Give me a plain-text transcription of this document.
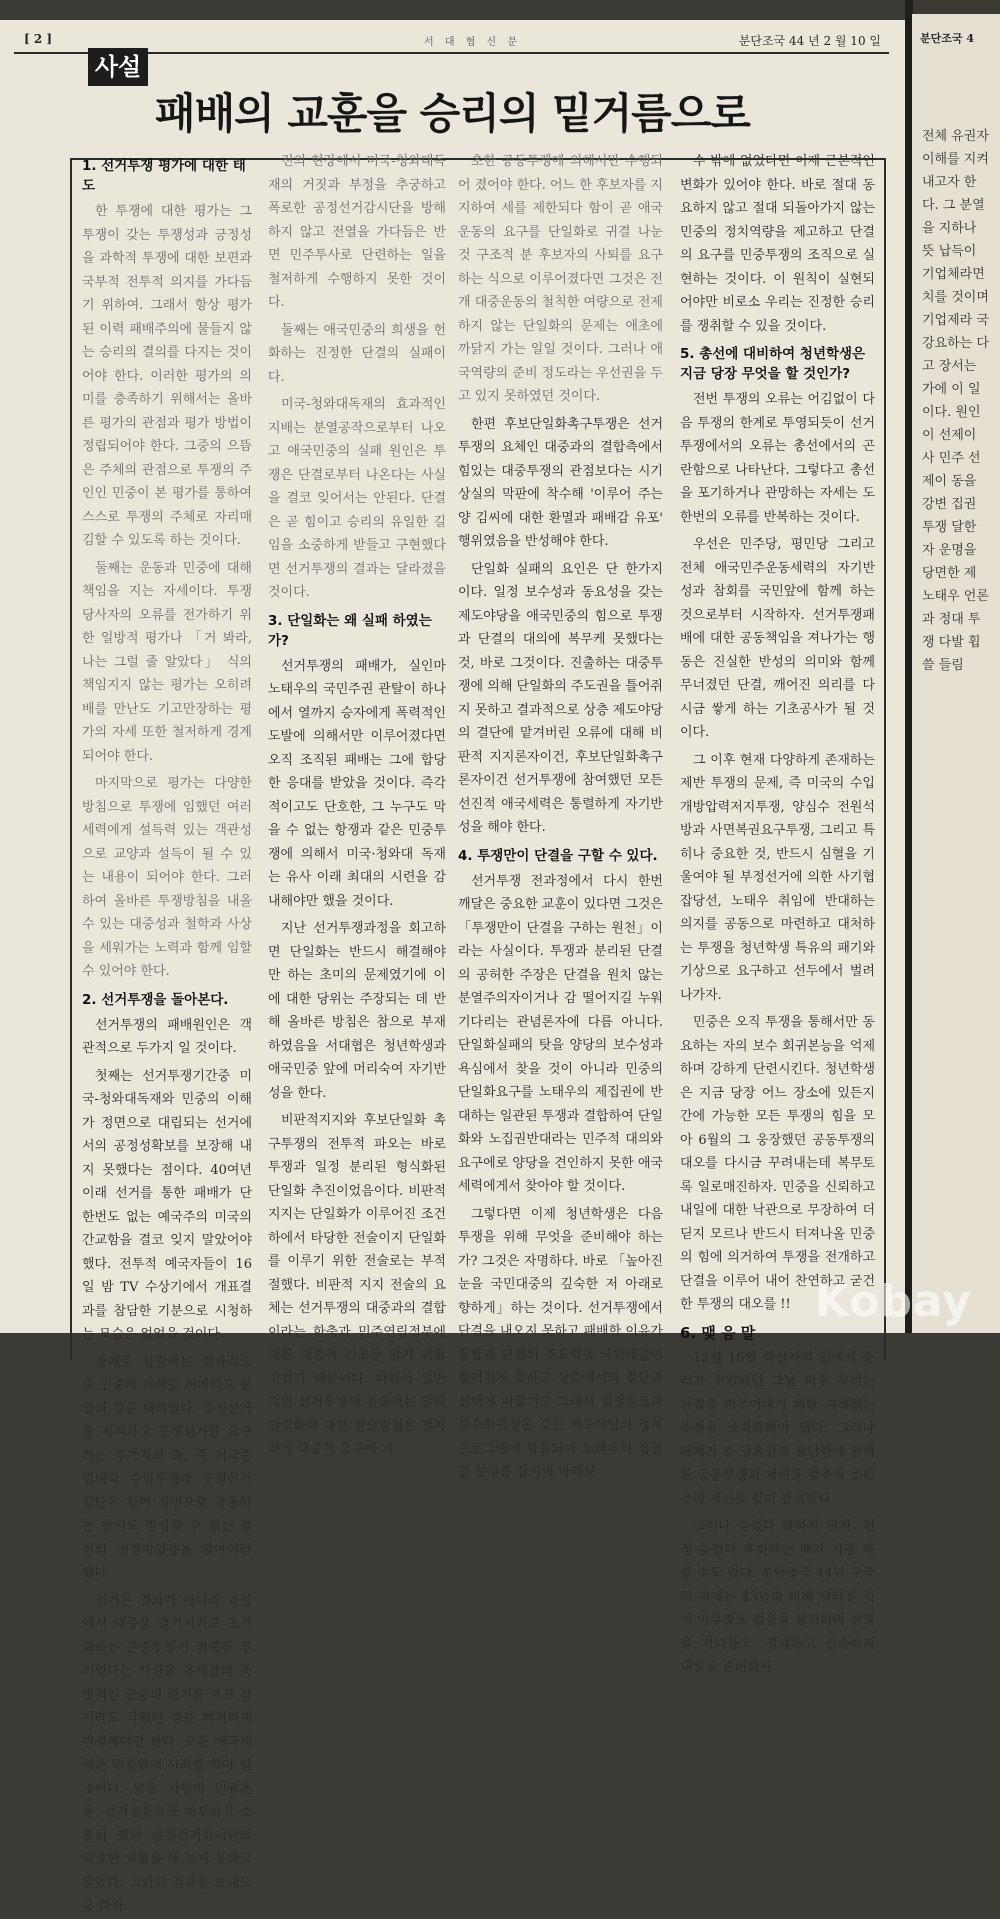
[ 2 ]	서 대 협 신 문	분단조국 44 년 2 월 10 일
사설
패배의 교훈을 승리의 밑거름으로
1. 선거투쟁 평가에 대한 태도

한 투쟁에 대한 평가는 그 투쟁이 갖는 투쟁성과 긍정성을 과학적 투쟁에 대한 보편과 국부적 전투적 의지를 가다듬기 위하여. 그래서 항상 평가된 이력 패배주의에 물들지 않는 승리의 결의를 다지는 것이어야 한다. 이러한 평가의 의미를 충족하기 위해서는 올바른 평가의 관점과 평가 방법이 정립되어야 한다. 그중의 으뜸은 주체의 관점으로 투쟁의 주인인 민중이 본 평가를 통하여 스스로 투쟁의 주체로 자리매김할 수 있도록 하는 것이다.

둘째는 운동과 민중에 대해 책임을 지는 자세이다. 투쟁 당사자의 오류를 전가하기 위한 일방적 평가나 「거 봐라, 나는 그럴 줄 알았다」 식의 책임지지 않는 평가는 오히려 배를 만난도 기고만장하는 평가의 자세 또한 철저하게 경계되어야 한다.

마지막으로 평가는 다양한 방침으로 투쟁에 임했던 여러 세력에게 설득력 있는 객관성으로 교양과 설득이 될 수 있는 내용이 되어야 한다. 그러하여 올바른 투쟁방침을 내올 수 있는 대중성과 철학과 사상을 세워가는 노력과 함께 임할 수 있어야 한다.

2. 선거투쟁을 돌아본다.

선거투쟁의 패배원인은 객관적으로 두가지 일 것이다.

첫째는 선거투쟁기간중 미국-청와대독재와 민중의 이해가 정면으로 대립되는 선거에서의 공정성확보를 보장해 내지 못했다는 점이다. 40여년 이래 선거를 통한 패배가 단 한번도 없는 예국주의 미국의 간교함을 결코 잊지 말았어야 했다. 전투적 예국자들이 16일 밤 TV 수상기에서 개표결과를 참담한 기분으로 시청하는 모습은 없었을 것이다.

둘째로 양김씨는 결과적으로 민중의 이해를 저버리고 분열의 길을 택하였다. 부정선거를 지지하고 공정선거를 요구하는 두가지의 축, 즉 거국중립내각 수립투쟁과 공정선거감단은 힘이 정면으로 충돌하는 한시도 방심할 수 없는 결전의 전장이었음을 알아야만 했다.

선거는 결과가 아니라 과정에서 대중을 결기시키고 조직화하는 군중투쟁이 위력한 무기였다는 사실을 유세장의 폭발적인 군중의 열기를 보고 잠시라도 각했던 점을 뼈저리게 반성해야만 한다. 모든 애국세력은 민중앞에 사죄를 해야 할 것이다. 낡은 차원의 민권운동, 선거운동으로 치부하고 소홀히 했던 공정선거감시단의 막중한 역할을 해 보지 못하고 말았다. 그리고 결과를 보내도록 하자.

전의 현장에서 미국-청와대독재의 거짓과 부정을 추궁하고 폭로한 공정선거감시단을 방해하지 않고 전열을 가다듬은 반면 민주투사로 단련하는 일을 철저하게 수행하지 못한 것이다.

둘째는 애국민중의 희생을 헌화하는 진정한 단결의 실패이다.

미국-청와대독재의 효과적인 지배는 분열공작으로부터 나오고 애국민중의 실패 원인은 투쟁은 단결로부터 나온다는 사실을 결코 잊어서는 안된다. 단결은 곧 힘이고 승리의 유일한 길임을 소중하게 받들고 구현했다면 선거투쟁의 결과는 달라졌을 것이다.

3. 단일화는 왜 실패 하였는가?

선거투쟁의 패배가, 실인마 노태우의 국민주권 관탈이 하나에서 열까지 승자에게 폭력적인 도발에 의해서만 이루어졌다면 오직 조직된 패배는 그에 합당한 응대를 받았을 것이다. 즉각적이고도 단호한, 그 누구도 막을 수 없는 항쟁과 같은 민중투쟁에 의해서 미국·청와대 독재는 유사 이래 최대의 시련을 감내해야만 했을 것이다.

지난 선거투쟁과정을 회고하면 단일화는 반드시 해결해야 만 하는 초미의 문제였기에 이에 대한 당위는 주장되는 데 반해 올바른 방침은 참으로 부재하였음을 서대협은 청년학생과 애국민중 앞에 머리숙여 자기반성을 한다.

비판적지지와 후보단일화 촉구투쟁의 전투적 파오는 바로 투쟁과 일정 분리된 형식화된 단일화 추진이었음이다. 비판적 지지는 단일화가 이루어진 조건하에서 타당한 전술이지 단일화를 이루기 위한 전술로는 부적절했다. 비판적 지지 전술의 요체는 선거투쟁의 대중과의 결합이라는 한축과 민주연립정부에 대한 대중적 기초를 닦기 위함이었기 때문이다. 따라서 일반적인 선거투쟁의 전술과는 달리 단일화에 대한 전술방침은 철저하게 대중적 요구에 기

초한 공동투쟁에 의해서만 수행되어 졌어야 한다. 어느 한 후보자를 지지하여 세를 제한되다 함이 곧 애국운동의 요구를 단일화로 귀결 나눈 것 구조적 분 후보자의 사퇴를 요구하는 식으로 이루어졌다면 그것은 전개 대중운동의 철칙한 여량으로 전제하지 않는 단일화의 문제는 애초에 까닭지 가는 일일 것이다. 그러나 애국역량의 준비 정도라는 우선권을 두고 있지 못하였던 것이다.

한편 후보단일화촉구투쟁은 선거투쟁의 요체인 대중과의 결합측에서 힘있는 대중투쟁의 관점보다는 시기상실의 막판에 착수해 '이루어 주는 양 김씨에 대한 환멸과 패배감 유포' 행위였음을 반성해야 한다.

단일화 실패의 요인은 단 한가지이다. 일정 보수성과 동요성을 갖는 제도야당을 애국민중의 힘으로 투쟁과 단결의 대의에 복무케 못했다는 것, 바로 그것이다. 진출하는 대중투쟁에 의해 단일화의 주도권을 틀어쥐지 못하고 결과적으로 상층 제도야당의 결단에 맡겨버린 오류에 대해 비판적 지지론자이건, 후보단일화촉구론자이건 선거투쟁에 참여했던 모든 선진적 애국세력은 통렬하게 자기반성을 해야 한다.

4. 투쟁만이 단결을 구할 수 있다.

선거투쟁 전과정에서 다시 한번 깨달은 중요한 교훈이 있다면 그것은 「투쟁만이 단결을 구하는 원천」이라는 사실이다. 투쟁과 분리된 단결의 공허한 주장은 단결을 원치 않는 분열주의자이거나 감 떨어지길 누워 기다리는 관념론자에 다름 아니다. 단일화실패의 탓을 양당의 보수성과 욕심에서 찾을 것이 아니라 민중의 단일화요구를 노태우의 제집권에 반대하는 일관된 투쟁과 결합하여 단일화와 노집권반대라는 민주적 대의와 요구에로 양당을 견인하지 못한 애국세력에게서 찾아야 할 것이다.

그렇다면 이제 청년학생은 다음 투쟁을 위해 무엇을 준비해야 하는가? 그것은 자명하다. 바로 「높아진 눈을 국민대중의 깊숙한 저 아래로 향하게」하는 것이다. 선거투쟁에서 단결을 내오지 못하고 패배한 이유가 통합과 단결의 주도력을 국민대중이 틀어쥐지 못하고 상층에서의 결단과 선택에 떠맡기고 그래서 일정동요와 보수회귀성을 갖는 제도야당의 정치프로그램에 함몰되어 노태우의 집권을 분루를 삼키며 바라보

수 밖에 없었다면 이제 근본적인 변화가 있어야 한다. 바로 절대 동요하지 않고 절대 되돌아가지 않는 민중의 정치역량을 제고하고 단결의 요구를 민중투쟁의 조직으로 실현하는 것이다. 이 원칙이 실현되어야만 비로소 우리는 진정한 승리를 쟁취할 수 있을 것이다.

5. 총선에 대비하여 청년학생은 지금 당장 무엇을 할 것인가?

전번 투쟁의 오류는 어김없이 다음 투쟁의 한계로 투영되듯이 선거투쟁에서의 오류는 총선에서의 곤란함으로 나타난다. 그렇다고 총선을 포기하거나 관망하는 자세는 도 한번의 오류를 반복하는 것이다.

우선은 민주당, 평민당 그리고 전체 애국민주운동세력의 자기반성과 참회를 국민앞에 함께 하는 것으로부터 시작하자. 선거투쟁패배에 대한 공동책임을 져나가는 행동은 진실한 반성의 의미와 함께 무너졌던 단결, 깨어진 의리를 다시금 쌓게 하는 기초공사가 될 것이다.

그 이후 현재 다양하게 존재하는 제반 투쟁의 문제, 즉 미국의 수입개방압력저지투쟁, 양심수 전원석방과 사면복권요구투쟁, 그리고 특히나 중요한 것, 반드시 심혈을 기울여야 될 부정선거에 의한 사기협잡당선, 노태우 취임에 반대하는 의지를 공동으로 마련하고 대처하는 투쟁을 청년학생 특유의 패기와 기상으로 요구하고 선두에서 벌려나가자.

민중은 오직 투쟁을 통해서만 동요하는 자의 보수 회귀본능을 억제하며 강하게 단련시킨다. 청년학생은 지금 당장 어느 장소에 있든지간에 가능한 모든 투쟁의 힘을 모아 6월의 그 웅장했던 공동투쟁의 대오를 다시금 꾸려내는데 복무토록 일로매진하자. 민중을 신뢰하고 내일에 대한 낙관으로 무장하여 더딛지 모르나 반드시 터져나올 민중의 힘에 의거하여 투쟁을 전개하고 단결을 이루어 내어 찬연하고 굳건한 투쟁의 대오를 !!

6. 맺 음 말

12월 16일 학살자의 입에서 승리가 선언되던 그날 이후 우리는 단결을 이루어내기 위한 지혜없는 투쟁을 조직화해야 했다. 그러나 패배가 준 당혹감과 참담함에 완벽한 공동투쟁의 채비를 갖추지 못한 우리 자신을 깊이 반성한다.

그러나 늦었다 탓하지 말자. 진정 늦었다 후회하는 때가 가장 빠를 수도 있다. 분단조국 44년 구국의 과제는 43년과 비해 달라진 것이 아무것도 없음을 상기하며 전열을 가다듬고, 경쾌하고 신속하게 내일을 준비하자.

분단조국 4
전체 유권자 이해를 지켜 내고자 한다. 그 분열을 지하나 뜻 납득이 기업체라면 치를 것이며 기업제라 국 강요하는 다고 장서는 가에 이 일이다. 원인이 선제이 사 민주 선제이 동을 강변 집권 투쟁 달한 자 운명을 당면한 제 노태우 언론과 정대 투쟁 다발 휩쓸 들림
Kobay
